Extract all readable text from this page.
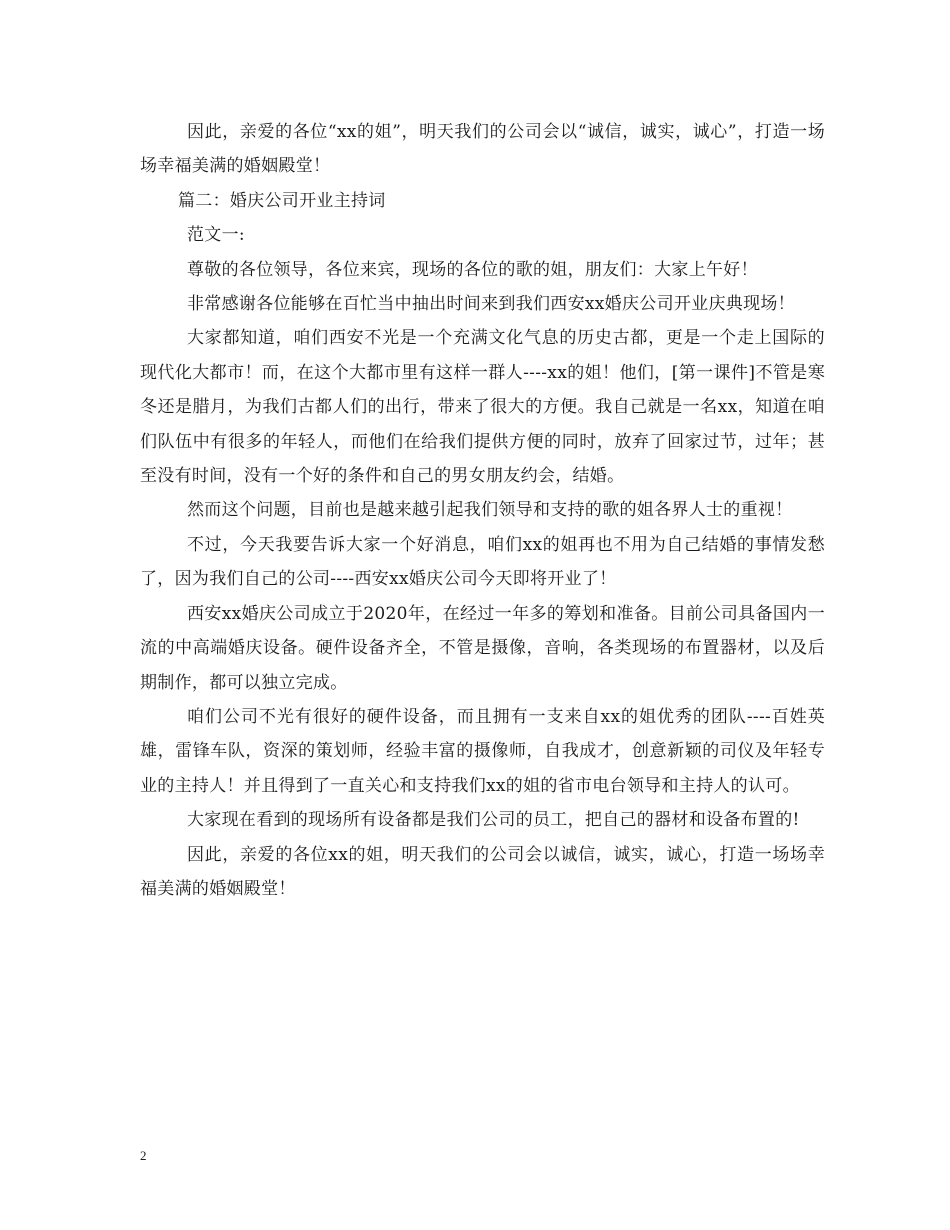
因此，亲爱的各位“xx的姐”，明天我们的公司会以“诚信，诚实，诚心”，打造一场场幸福美满的婚姻殿堂！

篇二：婚庆公司开业主持词

范文一:

尊敬的各位领导，各位来宾，现场的各位的歌的姐，朋友们：大家上午好！

非常感谢各位能够在百忙当中抽出时间来到我们西安xx婚庆公司开业庆典现场！

大家都知道，咱们西安不光是一个充满文化气息的历史古都，更是一个走上国际的现代化大都市！而，在这个大都市里有这样一群人----xx的姐！他们，[第一课件]不管是寒冬还是腊月，为我们古都人们的出行，带来了很大的方便。我自己就是一名xx，知道在咱们队伍中有很多的年轻人，而他们在给我们提供方便的同时，放弃了回家过节，过年；甚至没有时间，没有一个好的条件和自己的男女朋友约会，结婚。

然而这个问题，目前也是越来越引起我们领导和支持的歌的姐各界人士的重视！

不过，今天我要告诉大家一个好消息，咱们xx的姐再也不用为自己结婚的事情发愁了，因为我们自己的公司----西安xx婚庆公司今天即将开业了！

西安xx婚庆公司成立于2020年，在经过一年多的筹划和准备。目前公司具备国内一流的中高端婚庆设备。硬件设备齐全，不管是摄像，音响，各类现场的布置器材，以及后期制作，都可以独立完成。

咱们公司不光有很好的硬件设备，而且拥有一支来自xx的姐优秀的团队----百姓英雄，雷锋车队，资深的策划师，经验丰富的摄像师，自我成才，创意新颖的司仪及年轻专业的主持人！并且得到了一直关心和支持我们xx的姐的省市电台领导和主持人的认可。

大家现在看到的现场所有设备都是我们公司的员工，把自己的器材和设备布置的!

因此，亲爱的各位xx的姐，明天我们的公司会以诚信，诚实，诚心，打造一场场幸福美满的婚姻殿堂！

2
